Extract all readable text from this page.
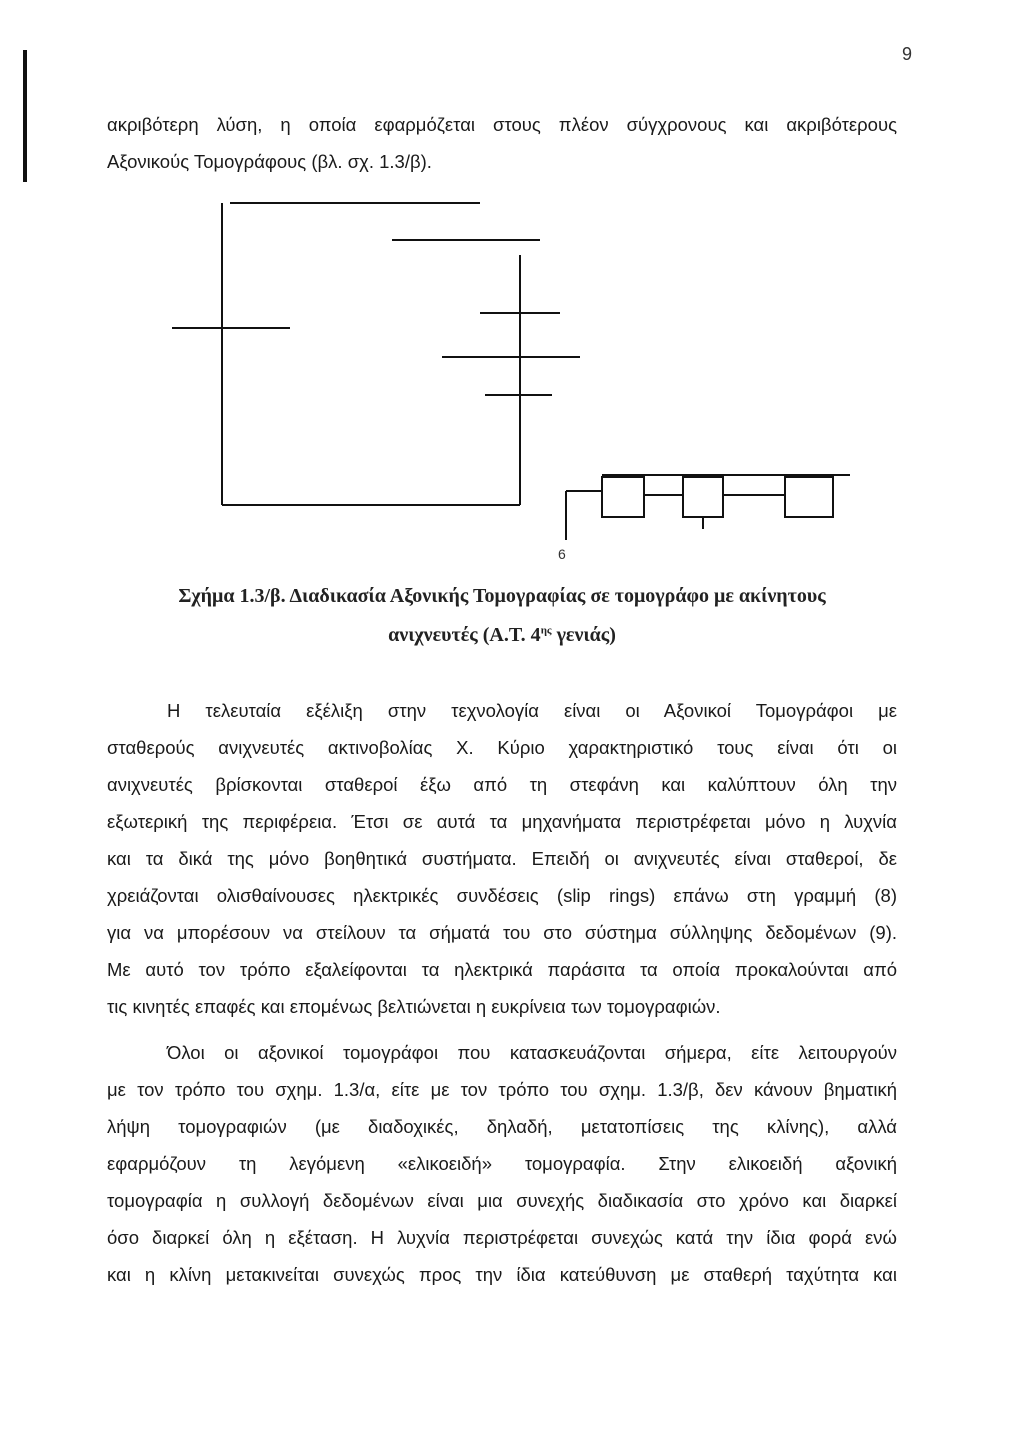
9
ακριβότερη λύση, η οποία εφαρμόζεται στους πλέον σύγχρονους και ακριβότερους
Αξονικούς Τομογράφους (βλ. σχ. 1.3/β).
6
Σχήμα 1.3/β. Διαδικασία Αξονικής Τομογραφίας σε τομογράφο με ακίνητους
ανιχνευτές (Α.Τ. $4^{\eta\varsigma}$ γενιάς)
Η τελευταία εξέλιξη στην τεχνολογία είναι οι Αξονικοί Τομογράφοι με
σταθερούς ανιχνευτές ακτινοβολίας Χ. Κύριο χαρακτηριστικό τους είναι ότι οι
ανιχνευτές βρίσκονται σταθεροί έξω από τη στεφάνη και καλύπτουν όλη την
εξωτερική της περιφέρεια. Έτσι σε αυτά τα μηχανήματα περιστρέφεται μόνο η λυχνία
και τα δικά της μόνο βοηθητικά συστήματα. Επειδή οι ανιχνευτές είναι σταθεροί, δε
χρειάζονται ολισθαίνουσες ηλεκτρικές συνδέσεις (slip rings) επάνω στη γραμμή (8)
για να μπορέσουν να στείλουν τα σήματά του στο σύστημα σύλληψης δεδομένων (9).
Με αυτό τον τρόπο εξαλείφονται τα ηλεκτρικά παράσιτα τα οποία προκαλούνται από
τις κινητές επαφές και επομένως βελτιώνεται η ευκρίνεια των τομογραφιών.
Όλοι οι αξονικοί τομογράφοι που κατασκευάζονται σήμερα, είτε λειτουργούν
με τον τρόπο του σχημ. 1.3/α, είτε με τον τρόπο του σχημ. 1.3/β, δεν κάνουν βηματική
λήψη τομογραφιών (με διαδοχικές, δηλαδή, μετατοπίσεις της κλίνης), αλλά
εφαρμόζουν τη λεγόμενη «ελικοειδή» τομογραφία. Στην ελικοειδή αξονική
τομογραφία η συλλογή δεδομένων είναι μια συνεχής διαδικασία στο χρόνο και διαρκεί
όσο διαρκεί όλη η εξέταση. Η λυχνία περιστρέφεται συνεχώς κατά την ίδια φορά ενώ
και η κλίνη μετακινείται συνεχώς προς την ίδια κατεύθυνση με σταθερή ταχύτητα και
